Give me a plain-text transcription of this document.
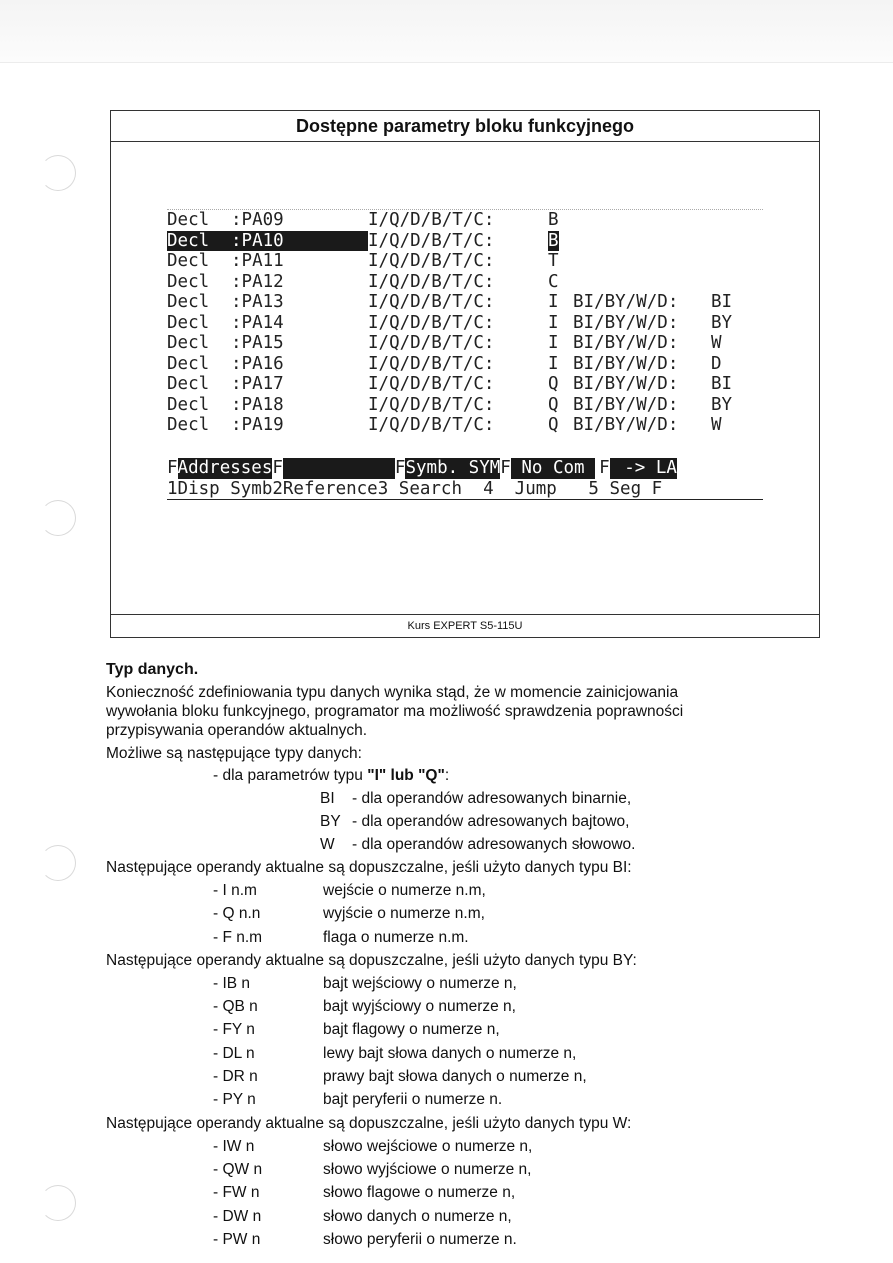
Dostępne parametry bloku funkcyjnego
Decl	:PA09	I/Q/D/B/T/C:	B
Decl	:PA10	I/Q/D/B/T/C:	B
Decl	:PA11	I/Q/D/B/T/C:	T
Decl	:PA12	I/Q/D/B/T/C:	C
Decl	:PA13	I/Q/D/B/T/C:	I BI/BY/W/D:	BI
Decl	:PA14	I/Q/D/B/T/C:	I BI/BY/W/D:	BY
Decl	:PA15	I/Q/D/B/T/C:	I BI/BY/W/D:	W
Decl	:PA16	I/Q/D/B/T/C:	I BI/BY/W/D:	D
Decl	:PA17	I/Q/D/B/T/C:	Q BI/BY/W/D:	BI
Decl	:PA18	I/Q/D/B/T/C:	Q BI/BY/W/D:	BY
Decl	:PA19	I/Q/D/B/T/C:	Q BI/BY/W/D:	W
F Addresses F	F Symb. SYM F No Com F -> LA
1Disp Symb2Reference3 Search  4  Jump   5 Seg F
Kurs EXPERT S5-115U

Typ danych.

Konieczność zdefiniowania typu danych wynika stąd, że w momencie zainicjowania

wywołania bloku funkcyjnego, programator ma możliwość sprawdzenia poprawności

przypisywania operandów aktualnych.

Możliwe są następujące typy danych:

- dla parametrów typu "I" lub "Q":

BI	- dla operandów adresowanych binarnie,
BY - dla operandów adresowanych bajtowo,
W	- dla operandów adresowanych słowowo.

Następujące operandy aktualne są dopuszczalne, jeśli użyto danych typu BI:

- I n.m	wejście o numerze n.m,
- Q n.n	wyjście o numerze n.m,
- F n.m	flaga o numerze n.m.

Następujące operandy aktualne są dopuszczalne, jeśli użyto danych typu BY:

- IB n	bajt wejściowy o numerze n,
- QB n	bajt wyjściowy o numerze n,
- FY n	bajt flagowy o numerze n,
- DL n	lewy bajt słowa danych o numerze n,
- DR n	prawy bajt słowa danych o numerze n,
- PY n	bajt peryferii o numerze n.

Następujące operandy aktualne są dopuszczalne, jeśli użyto danych typu W:

- IW n	słowo wejściowe o numerze n,
- QW n	słowo wyjściowe o numerze n,
- FW n	słowo flagowe o numerze n,
- DW n	słowo danych o numerze n,
- PW n	słowo peryferii o numerze n.
